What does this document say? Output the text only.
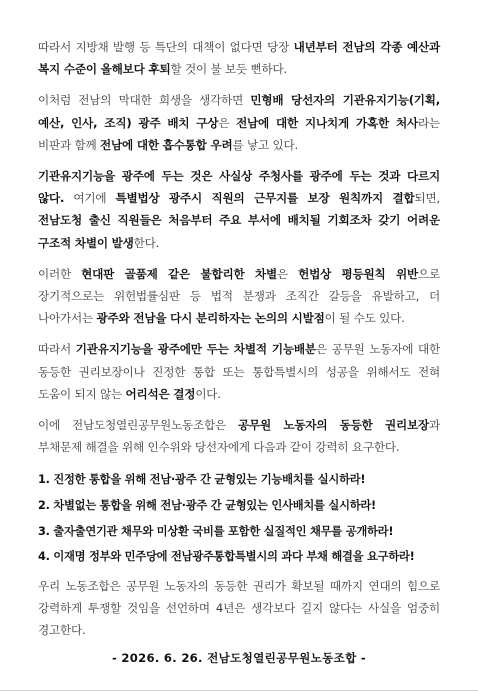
따라서 지방채 발행 등 특단의 대책이 없다면 당장 내년부터 전남의 각종 예산과 복지 수준이 올해보다 후퇴할 것이 불 보듯 뻔하다.

이처럼 전남의 막대한 희생을 생각하면 민형배 당선자의 기관유지기능(기획, 예산, 인사, 조직) 광주 배치 구상은 전남에 대한 지나치게 가혹한 처사라는 비판과 함께 전남에 대한 흡수통합 우려를 낳고 있다.

기관유지기능을 광주에 두는 것은 사실상 주청사를 광주에 두는 것과 다르지 않다. 여기에 특별법상 광주시 직원의 근무지를 보장 원칙까지 결합되면, 전남도청 출신 직원들은 처음부터 주요 부서에 배치될 기회조차 갖기 어려운 구조적 차별이 발생한다.

이러한 현대판 골품제 같은 불합리한 차별은 헌법상 평등원칙 위반으로 장기적으로는 위헌법률심판 등 법적 분쟁과 조직간 갈등을 유발하고, 더 나아가서는 광주와 전남을 다시 분리하자는 논의의 시발점이 될 수도 있다.

따라서 기관유지기능을 광주에만 두는 차별적 기능배분은 공무원 노동자에 대한 동등한 권리보장이나 진정한 통합 또는 통합특별시의 성공을 위해서도 전혀 도움이 되지 않는 어리석은 결정이다.

이에 전남도청열린공무원노동조합은 공무원 노동자의 동등한 권리보장과 부채문제 해결을 위해 인수위와 당선자에게 다음과 같이 강력히 요구한다.

1. 진정한 통합을 위해 전남·광주 간 균형있는 기능배치를 실시하라!

2. 차별없는 통합을 위해 전남·광주 간 균형있는 인사배치를 실시하라!

3. 출자출연기관 채무와 미상환 국비를 포함한 실질적인 채무를 공개하라!

4. 이재명 정부와 민주당에 전남광주통합특별시의 과다 부채 해결을 요구하라!

우리 노동조합은 공무원 노동자의 동등한 권리가 확보될 때까지 연대의 힘으로 강력하게 투쟁할 것임을 선언하며 4년은 생각보다 길지 않다는 사실을 엄중히 경고한다.

- 2026. 6. 26. 전남도청열린공무원노동조합 -
